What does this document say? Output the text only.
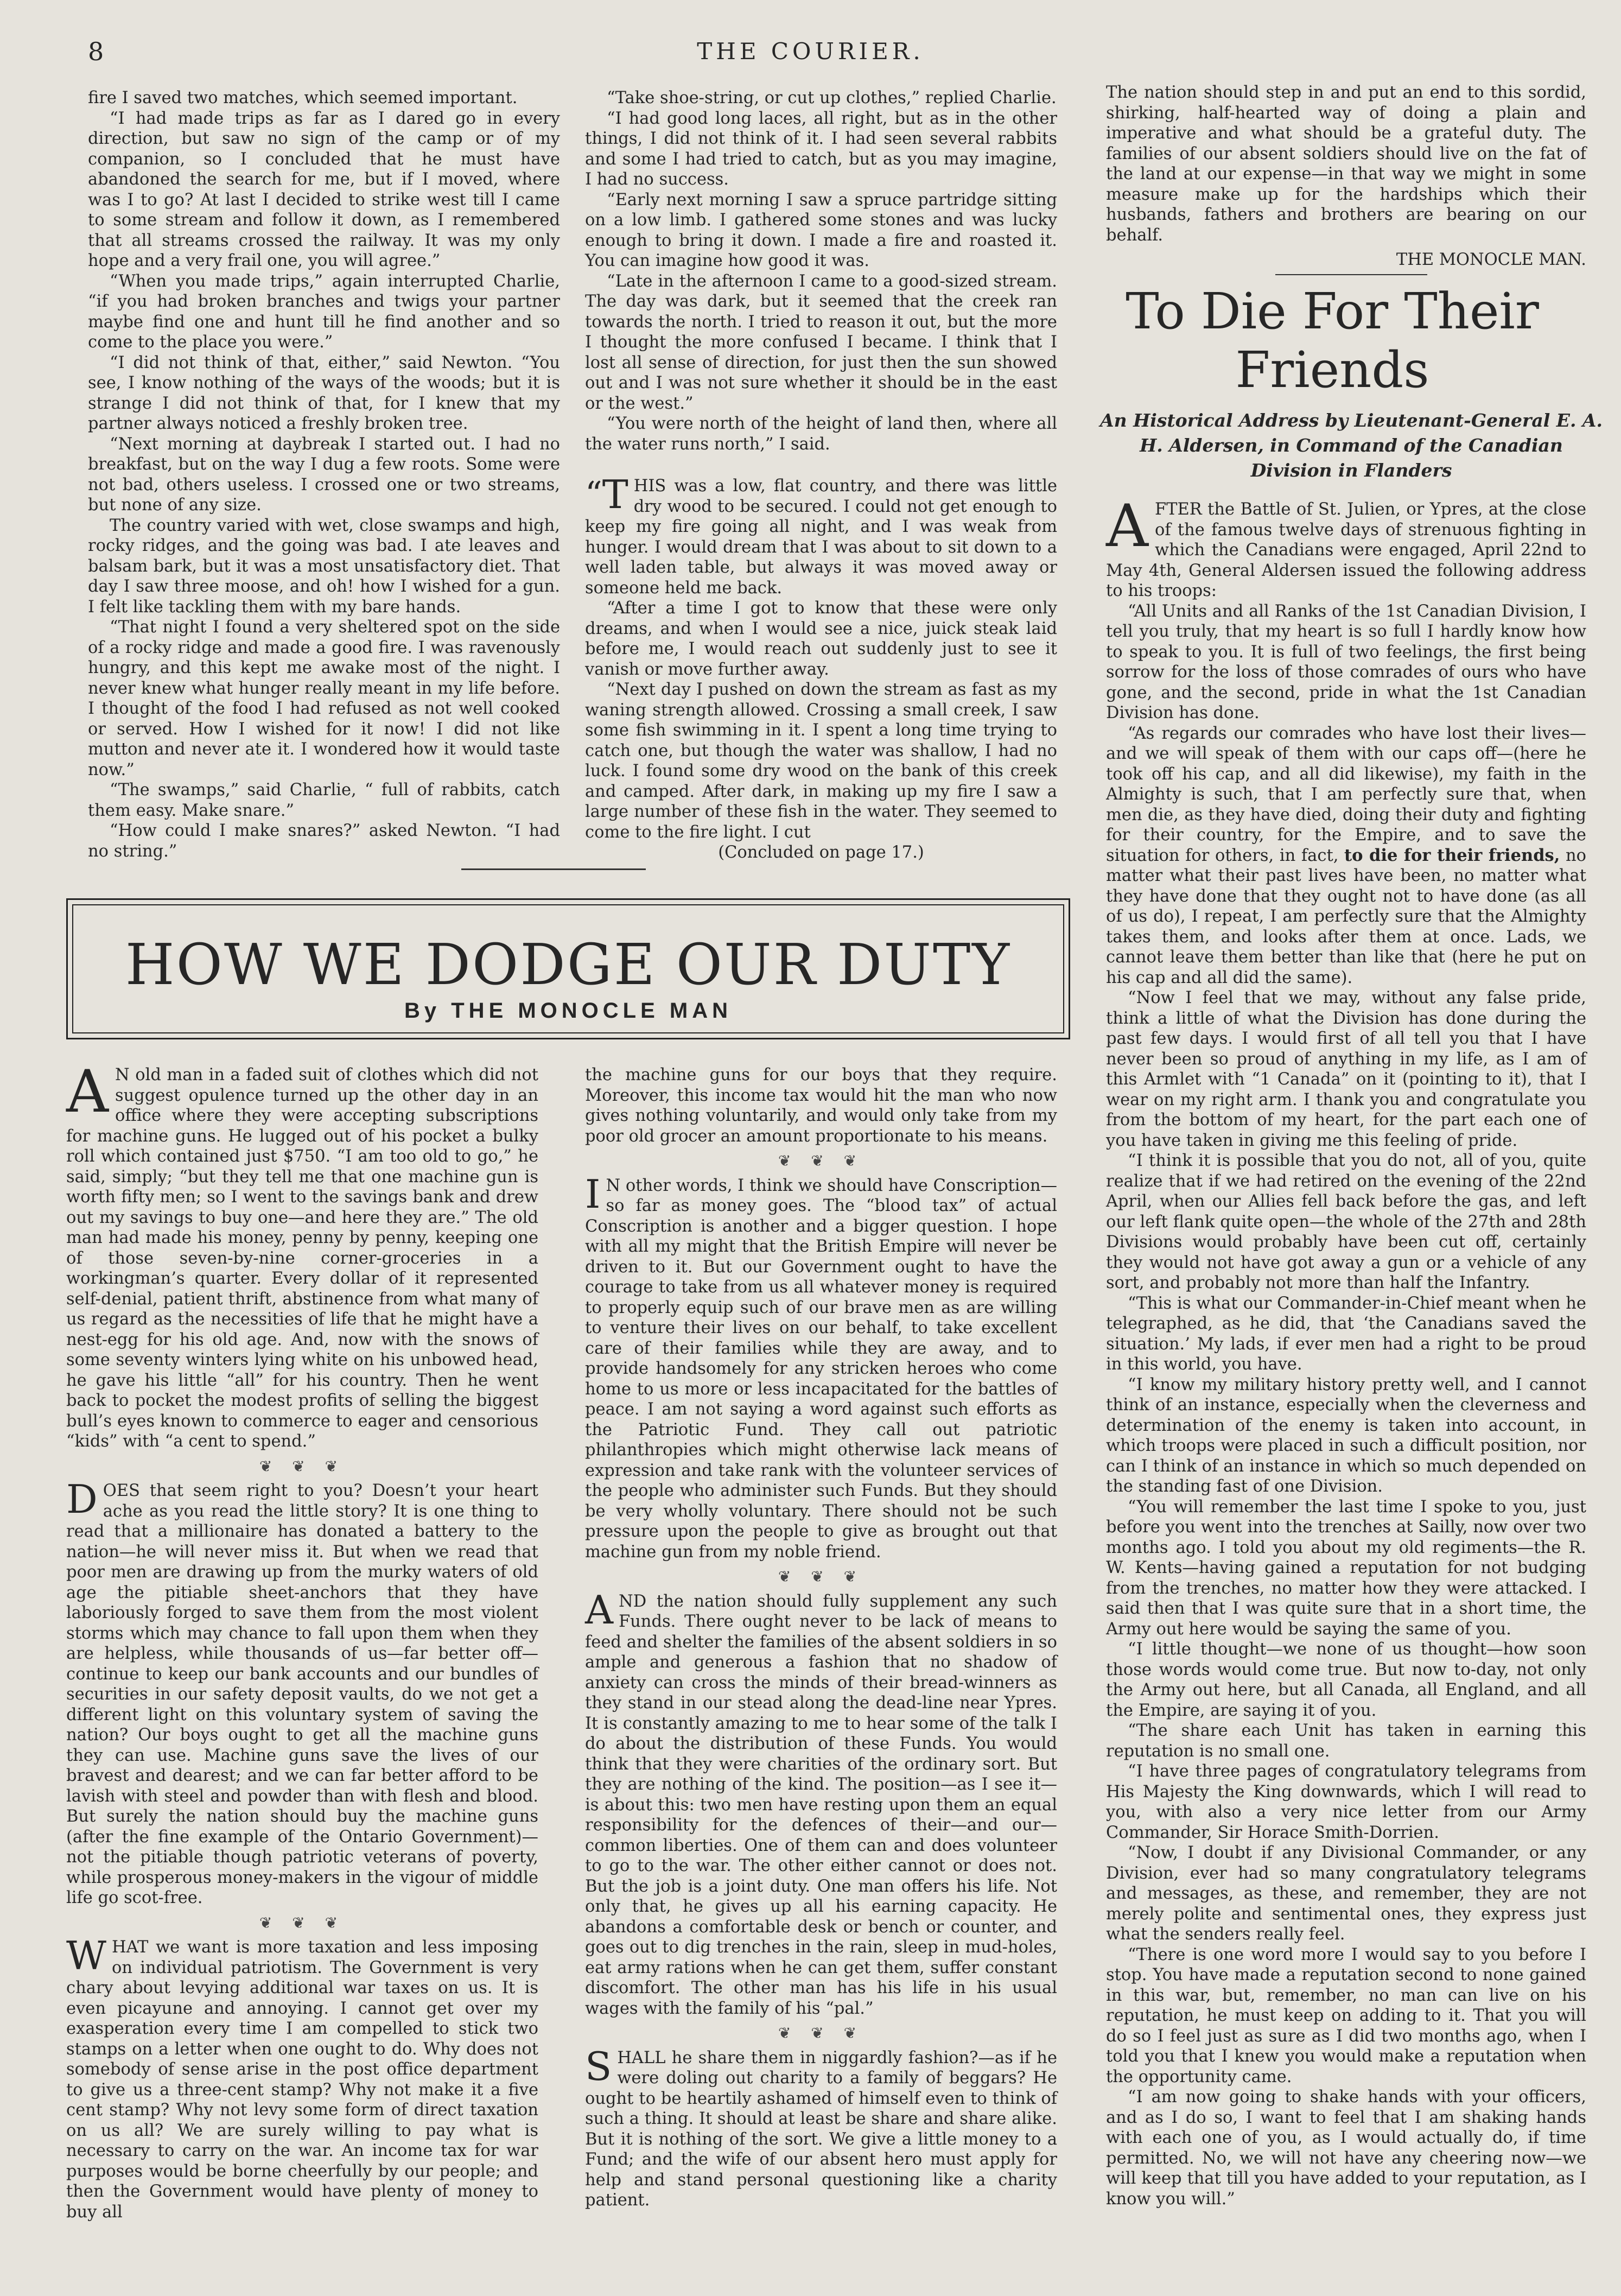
8	THE COURIER.

fire I saved two matches, which seemed important.

“I had made trips as far as I dared go in every direction, but saw no sign of the camp or of my companion, so I concluded that he must have abandoned the search for me, but if I moved, where was I to go? At last I decided to strike west till I came to some stream and follow it down, as I remembered that all streams crossed the railway. It was my only hope and a very frail one, you will agree.”

“When you made trips,” again interrupted Charlie, “if you had broken branches and twigs your partner maybe find one and hunt till he find another and so come to the place you were.”

“I did not think of that, either,” said Newton. “You see, I know nothing of the ways of the woods; but it is strange I did not think of that, for I knew that my partner always noticed a freshly broken tree.

“Next morning at daybreak I started out. I had no breakfast, but on the way I dug a few roots. Some were not bad, others useless. I crossed one or two streams, but none of any size.

The country varied with wet, close swamps and high, rocky ridges, and the going was bad. I ate leaves and balsam bark, but it was a most unsatisfactory diet. That day I saw three moose, and oh! how I wished for a gun. I felt like tackling them with my bare hands.

“That night I found a very sheltered spot on the side of a rocky ridge and made a good fire. I was ravenously hungry, and this kept me awake most of the night. I never knew what hunger really meant in my life before. I thought of the food I had refused as not well cooked or served. How I wished for it now! I did not like mutton and never ate it. I wondered how it would taste now.”

“The swamps,” said Charlie, “ full of rabbits, catch them easy. Make snare.”

“How could I make snares?” asked Newton. “I had no string.”

“Take shoe-string, or cut up clothes,” replied Charlie.

“I had good long laces, all right, but as in the other things, I did not think of it. I had seen several rabbits and some I had tried to catch, but as you may imagine, I had no success.

“Early next morning I saw a spruce partridge sitting on a low limb. I gathered some stones and was lucky enough to bring it down. I made a fire and roasted it. You can imagine how good it was.

“Late in the afternoon I came to a good-sized stream. The day was dark, but it seemed that the creek ran towards the north. I tried to reason it out, but the more I thought the more confused I became. I think that I lost all sense of direction, for just then the sun showed out and I was not sure whether it should be in the east or the west.”

“You were north of the height of land then, where all the water runs north,” I said.

“ T HIS was a low, flat country, and there was little dry wood to be secured. I could not get enough to keep my fire going all night, and I was weak from hunger. I would dream that I was about to sit down to a well laden table, but always it was moved away or someone held me back.

“After a time I got to know that these were only dreams, and when I would see a nice, juick steak laid before me, I would reach out suddenly just to see it vanish or move further away.

“Next day I pushed on down the stream as fast as my waning strength allowed. Crossing a small creek, I saw some fish swimming in it. I spent a long time trying to catch one, but though the water was shallow, I had no luck. I found some dry wood on the bank of this creek and camped. After dark, in making up my fire I saw a large number of these fish in the water. They seemed to come to the fire light. I cut

(Concluded on page 17.)

HOW WE DODGE OUR DUTY
By THE MONOCLE MAN

A N old man in a faded suit of clothes which did not suggest opulence turned up the other day in an office where they were accepting subscriptions for machine guns. He lugged out of his pocket a bulky roll which contained just $750. “I am too old to go,” he said, simply; “but they tell me that one machine gun is worth fifty men; so I went to the savings bank and drew out my savings to buy one—and here they are.” The old man had made his money, penny by penny, keeping one of those seven-by-nine corner-groceries in a workingman’s quarter. Every dollar of it represented self-denial, patient thrift, abstinence from what many of us regard as the necessities of life that he might have a nest-egg for his old age. And, now with the snows of some seventy winters lying white on his unbowed head, he gave his little “all” for his country. Then he went back to pocket the modest profits of selling the biggest bull’s eyes known to commerce to eager and censorious “kids” with “a cent to spend.”

❦ ❦ ❦

DOES that seem right to you? Doesn’t your heart ache as you read the little story? It is one thing to read that a millionaire has donated a battery to the nation—he will never miss it. But when we read that poor men are drawing up from the murky waters of old age the pitiable sheet-anchors that they have laboriously forged to save them from the most violent storms which may chance to fall upon them when they are helpless, while thousands of us—far better off—continue to keep our bank accounts and our bundles of securities in our safety deposit vaults, do we not get a different light on this voluntary system of saving the nation? Our boys ought to get all the machine guns they can use. Machine guns save the lives of our bravest and dearest; and we can far better afford to be lavish with steel and powder than with flesh and blood. But surely the nation should buy the machine guns (after the fine example of the Ontario Government)—not the pitiable though patriotic veterans of poverty, while prosperous money-makers in the vigour of middle life go scot-free.

❦ ❦ ❦

WHAT we want is more taxation and less imposing on individual patriotism. The Government is very chary about levying additional war taxes on us. It is even picayune and annoying. I cannot get over my exasperation every time I am compelled to stick two stamps on a letter when one ought to do. Why does not somebody of sense arise in the post office department to give us a three-cent stamp? Why not make it a five cent stamp? Why not levy some form of direct taxation on us all? We are surely willing to pay what is necessary to carry on the war. An income tax for war purposes would be borne cheerfully by our people; and then the Government would have plenty of money to buy all

the machine guns for our boys that they require. Moreover, this income tax would hit the man who now gives nothing voluntarily, and would only take from my poor old grocer an amount proportionate to his means.

❦ ❦ ❦

I N other words, I think we should have Conscription—so far as money goes. The “blood tax” of actual Conscription is another and a bigger question. I hope with all my might that the British Empire will never be driven to it. But our Government ought to have the courage to take from us all whatever money is required to properly equip such of our brave men as are willing to venture their lives on our behalf, to take excellent care of their families while they are away, and to provide handsomely for any stricken heroes who come home to us more or less incapacitated for the battles of peace. I am not saying a word against such efforts as the Patriotic Fund. They call out patriotic philanthropies which might otherwise lack means of expression and take rank with the volunteer services of the people who administer such Funds. But they should be very wholly voluntary. There should not be such pressure upon the people to give as brought out that machine gun from my noble friend.

❦ ❦ ❦

AND the nation should fully supplement any such Funds. There ought never to be lack of means to feed and shelter the families of the absent soldiers in so ample and generous a fashion that no shadow of anxiety can cross the minds of their bread-winners as they stand in our stead along the dead-line near Ypres. It is constantly amazing to me to hear some of the talk I do about the distribution of these Funds. You would think that they were charities of the ordinary sort. But they are nothing of the kind. The position—as I see it—is about this: two men have resting upon them an equal responsibility for the defences of their—and our—common liberties. One of them can and does volunteer to go to the war. The other either cannot or does not. But the job is a joint duty. One man offers his life. Not only that, he gives up all his earning capacity. He abandons a comfortable desk or bench or counter, and goes out to dig trenches in the rain, sleep in mud-holes, eat army rations when he can get them, suffer constant discomfort. The other man has his life in his usual wages with the family of his “pal.”

❦ ❦ ❦

SHALL he share them in niggardly fashion?—as if he were doling out charity to a family of beggars? He ought to be heartily ashamed of himself even to think of such a thing. It should at least be share and share alike. But it is nothing of the sort. We give a little money to a Fund; and the wife of our absent hero must apply for help and stand personal questioning like a charity patient.

The nation should step in and put an end to this sordid, shirking, half-hearted way of doing a plain and imperative and what should be a grateful duty. The families of our absent soldiers should live on the fat of the land at our expense—in that way we might in some measure make up for the hardships which their husbands, fathers and brothers are bearing on our behalf.

THE MONOCLE MAN.

To Die For Their
Friends
An Historical Address by Lieutenant-General E. A. H. Aldersen, in Command of the Canadian Division in Flanders

AFTER the Battle of St. Julien, or Ypres, at the close of the famous twelve days of strenuous fighting in which the Canadians were engaged, April 22nd to May 4th, General Aldersen issued the following address to his troops:

“All Units and all Ranks of the 1st Canadian Division, I tell you truly, that my heart is so full I hardly know how to speak to you. It is full of two feelings, the first being sorrow for the loss of those comrades of ours who have gone, and the second, pride in what the 1st Canadian Division has done.

“As regards our comrades who have lost their lives—and we will speak of them with our caps off—(here he took off his cap, and all did likewise), my faith in the Almighty is such, that I am perfectly sure that, when men die, as they have died, doing their duty and fighting for their country, for the Empire, and to save the situation for others, in fact, to die for their friends, no matter what their past lives have been, no matter what they have done that they ought not to have done (as all of us do), I repeat, I am perfectly sure that the Almighty takes them, and looks after them at once. Lads, we cannot leave them better than like that (here he put on his cap and all did the same).

“Now I feel that we may, without any false pride, think a little of what the Division has done during the past few days. I would first of all tell you that I have never been so proud of anything in my life, as I am of this Armlet with “1 Canada” on it (pointing to it), that I wear on my right arm. I thank you and congratulate you from the bottom of my heart, for the part each one of you have taken in giving me this feeling of pride.

“I think it is possible that you do not, all of you, quite realize that if we had retired on the evening of the 22nd April, when our Allies fell back before the gas, and left our left flank quite open—the whole of the 27th and 28th Divisions would probably have been cut off, certainly they would not have got away a gun or a vehicle of any sort, and probably not more than half the Infantry.

“This is what our Commander-in-Chief meant when he telegraphed, as he did, that ‘the Canadians saved the situation.’ My lads, if ever men had a right to be proud in this world, you have.

“I know my military history pretty well, and I cannot think of an instance, especially when the cleverness and determination of the enemy is taken into account, in which troops were placed in such a difficult position, nor can I think of an instance in which so much depended on the standing fast of one Division.

“You will remember the last time I spoke to you, just before you went into the trenches at Sailly, now over two months ago. I told you about my old regiments—the R. W. Kents—having gained a reputation for not budging from the trenches, no matter how they were attacked. I said then that I was quite sure that in a short time, the Army out here would be saying the same of you.

“I little thought—we none of us thought—how soon those words would come true. But now to-day, not only the Army out here, but all Canada, all England, and all the Empire, are saying it of you.

“The share each Unit has taken in earning this reputation is no small one.

“I have three pages of congratulatory telegrams from His Majesty the King downwards, which I will read to you, with also a very nice letter from our Army Commander, Sir Horace Smith-Dorrien.

“Now, I doubt if any Divisional Commander, or any Division, ever had so many congratulatory telegrams and messages, as these, and remember, they are not merely polite and sentimental ones, they express just what the senders really feel.

“There is one word more I would say to you before I stop. You have made a reputation second to none gained in this war, but, remember, no man can live on his reputation, he must keep on adding to it. That you will do so I feel just as sure as I did two months ago, when I told you that I knew you would make a reputation when the opportunity came.

“I am now going to shake hands with your officers, and as I do so, I want to feel that I am shaking hands with each one of you, as I would actually do, if time permitted. No, we will not have any cheering now—we will keep that till you have added to your reputation, as I know you will.”
